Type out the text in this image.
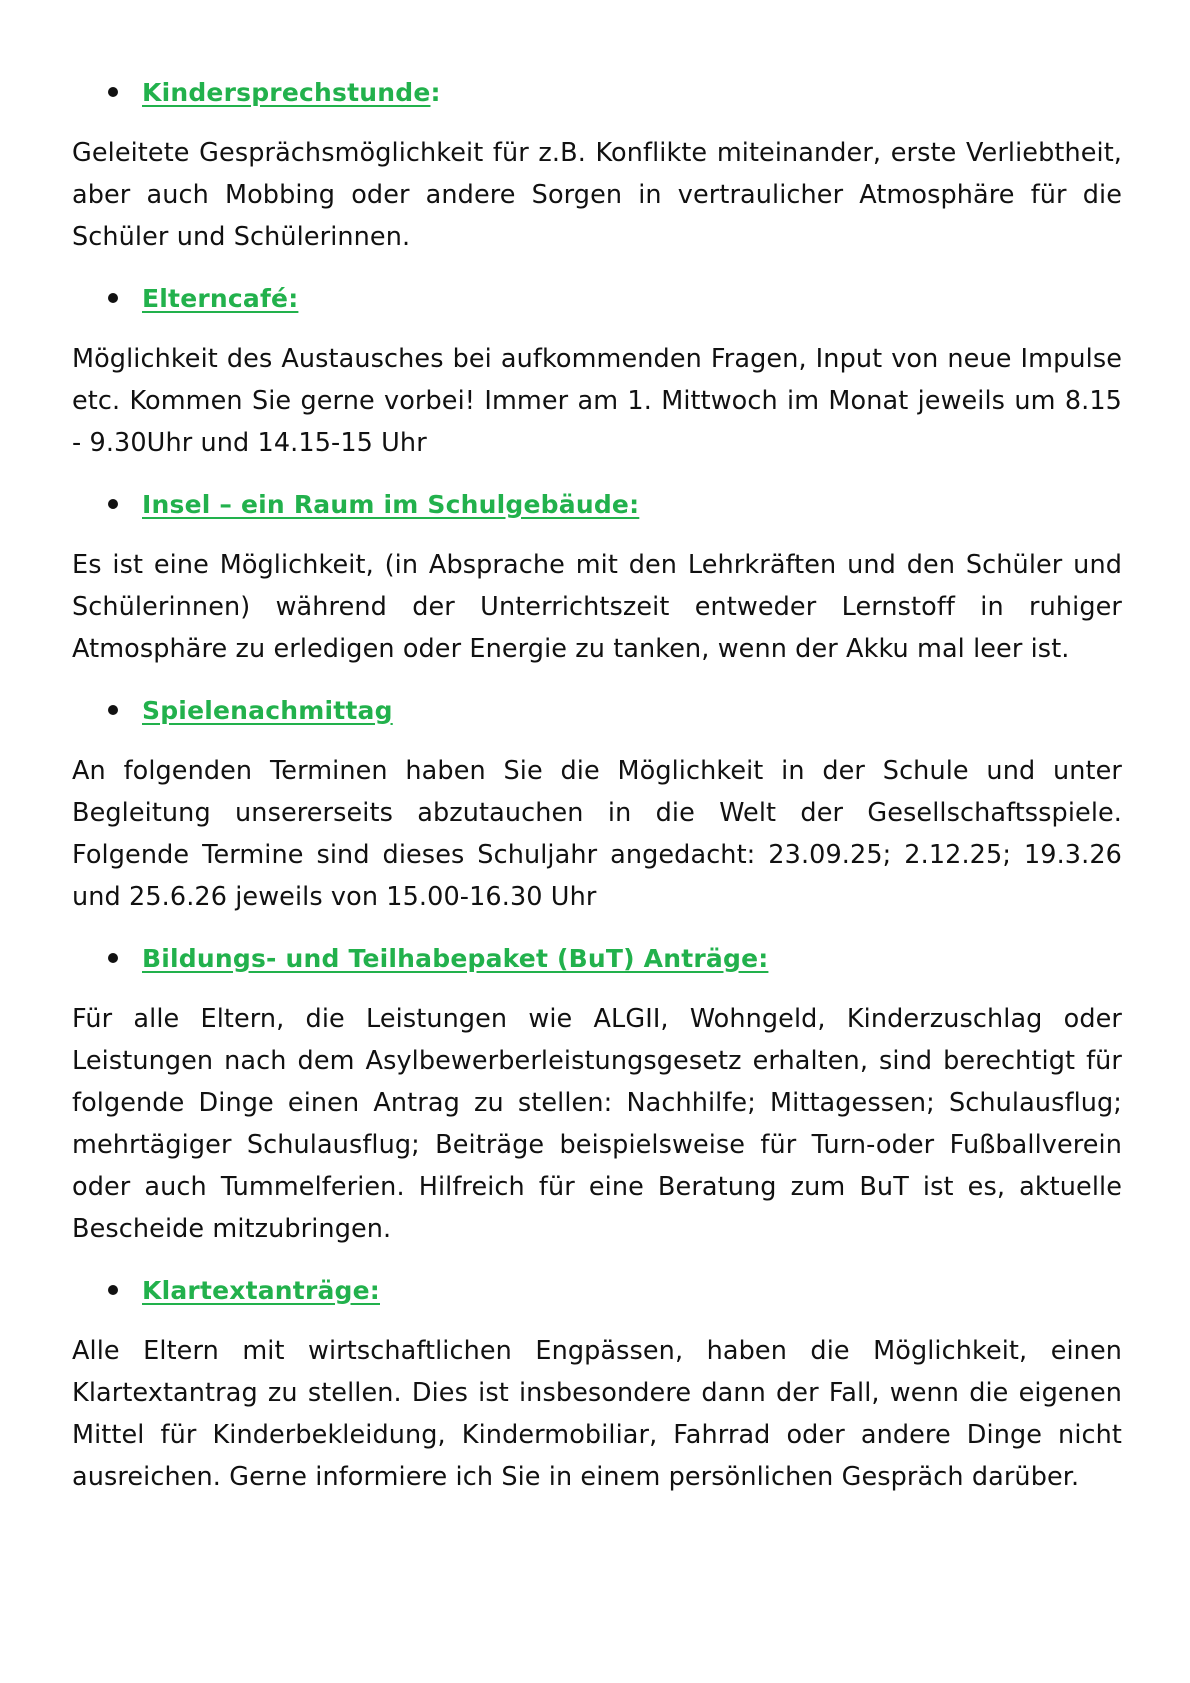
Kindersprechstunde :

Geleitete Gesprächsmöglichkeit für z.B. Konflikte miteinander, erste Verliebtheit, aber auch Mobbing oder andere Sorgen in vertraulicher Atmosphäre für die Schüler und Schülerinnen.

Elterncafé:

Möglichkeit des Austausches bei aufkommenden Fragen, Input von neue Impulse etc. Kommen Sie gerne vorbei! Immer am 1. Mittwoch im Monat jeweils um 8.15 - 9.30Uhr und 14.15-15 Uhr

Insel – ein Raum im Schulgebäude:

Es ist eine Möglichkeit, (in Absprache mit den Lehrkräften und den Schüler und Schülerinnen) während der Unterrichtszeit entweder Lernstoff in ruhiger Atmosphäre zu erledigen oder Energie zu tanken, wenn der Akku mal leer ist.

Spielenachmittag

An folgenden Terminen haben Sie die Möglichkeit in der Schule und unter Begleitung unsererseits abzutauchen in die Welt der Gesellschaftsspiele. Folgende Termine sind dieses Schuljahr angedacht: 23.09.25; 2.12.25; 19.3.26 und 25.6.26 jeweils von 15.00-16.30 Uhr

Bildungs- und Teilhabepaket (BuT) Anträge:

Für alle Eltern, die Leistungen wie ALGII, Wohngeld, Kinderzuschlag oder Leistungen nach dem Asylbewerberleistungsgesetz erhalten, sind berechtigt für folgende Dinge einen Antrag zu stellen: Nachhilfe; Mittagessen; Schulausflug; mehrtägiger Schulausflug; Beiträge beispielsweise für Turn-oder Fußballverein oder auch Tummelferien. Hilfreich für eine Beratung zum BuT ist es, aktuelle Bescheide mitzubringen.

Klartextanträge:

Alle Eltern mit wirtschaftlichen Engpässen, haben die Möglichkeit, einen Klartextantrag zu stellen. Dies ist insbesondere dann der Fall, wenn die eigenen Mittel für Kinderbekleidung, Kindermobiliar, Fahrrad oder andere Dinge nicht ausreichen. Gerne informiere ich Sie in einem persönlichen Gespräch darüber.
